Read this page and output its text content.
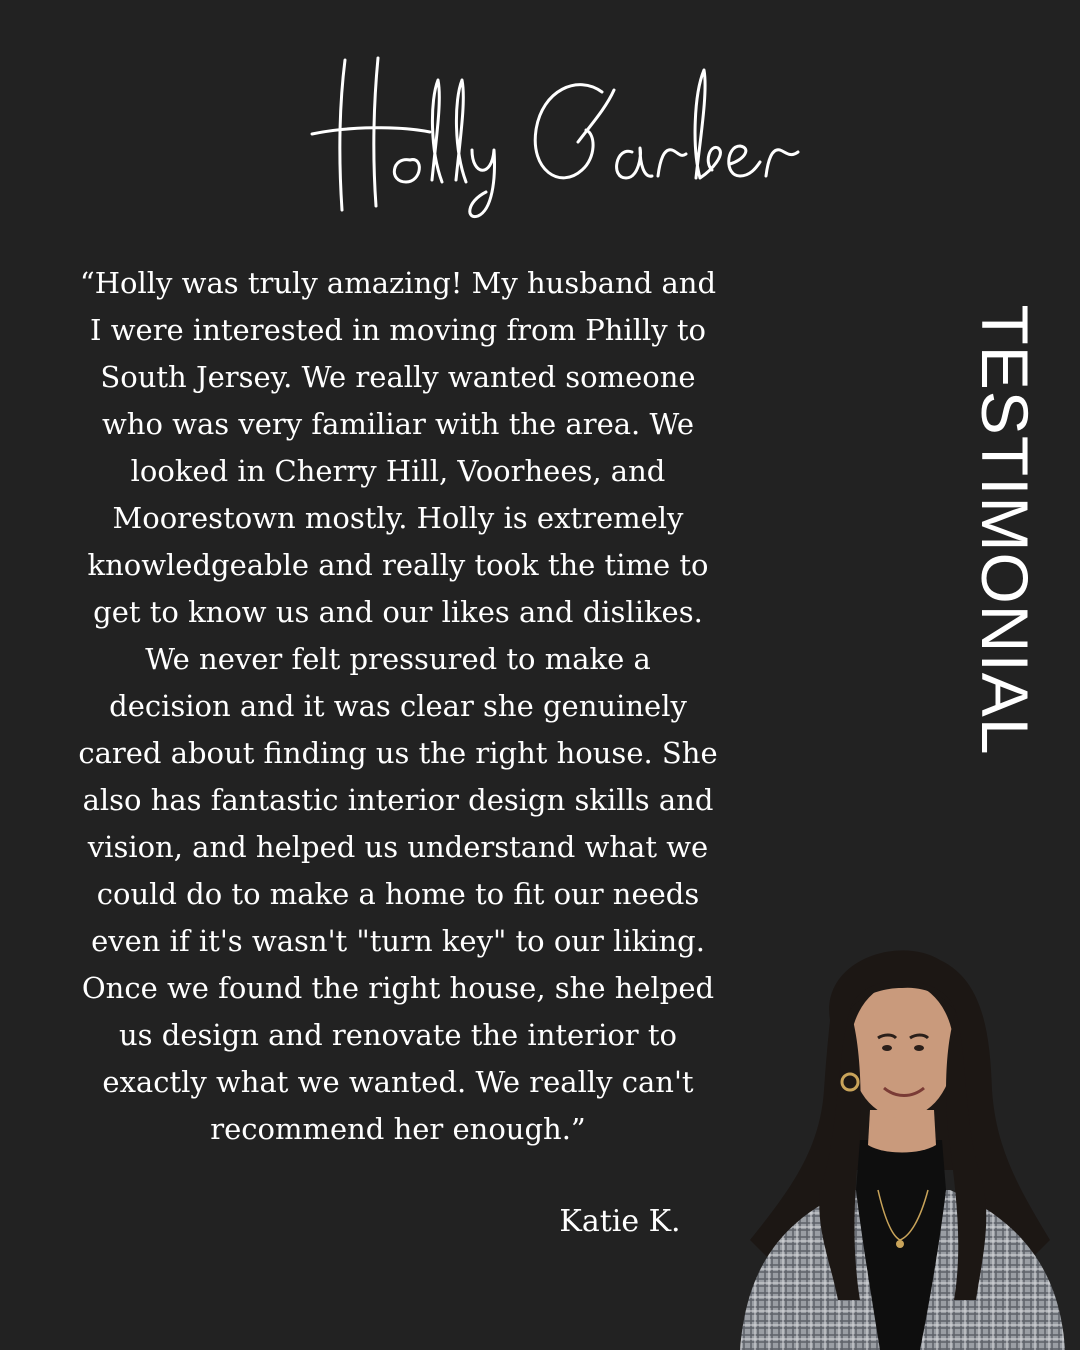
TESTIMONIAL

“Holly was truly amazing! My husband and
I were interested in moving from Philly to
South Jersey. We really wanted someone
who was very familiar with the area. We
looked in Cherry Hill, Voorhees, and
Moorestown mostly. Holly is extremely
knowledgeable and really took the time to
get to know us and our likes and dislikes.
We never felt pressured to make a
decision and it was clear she genuinely
cared about finding us the right house. She
also has fantastic interior design skills and
vision, and helped us understand what we
could do to make a home to fit our needs
even if it's wasn't "turn key" to our liking.
Once we found the right house, she helped
us design and renovate the interior to
exactly what we wanted. We really can't
recommend her enough.”

Katie K.
